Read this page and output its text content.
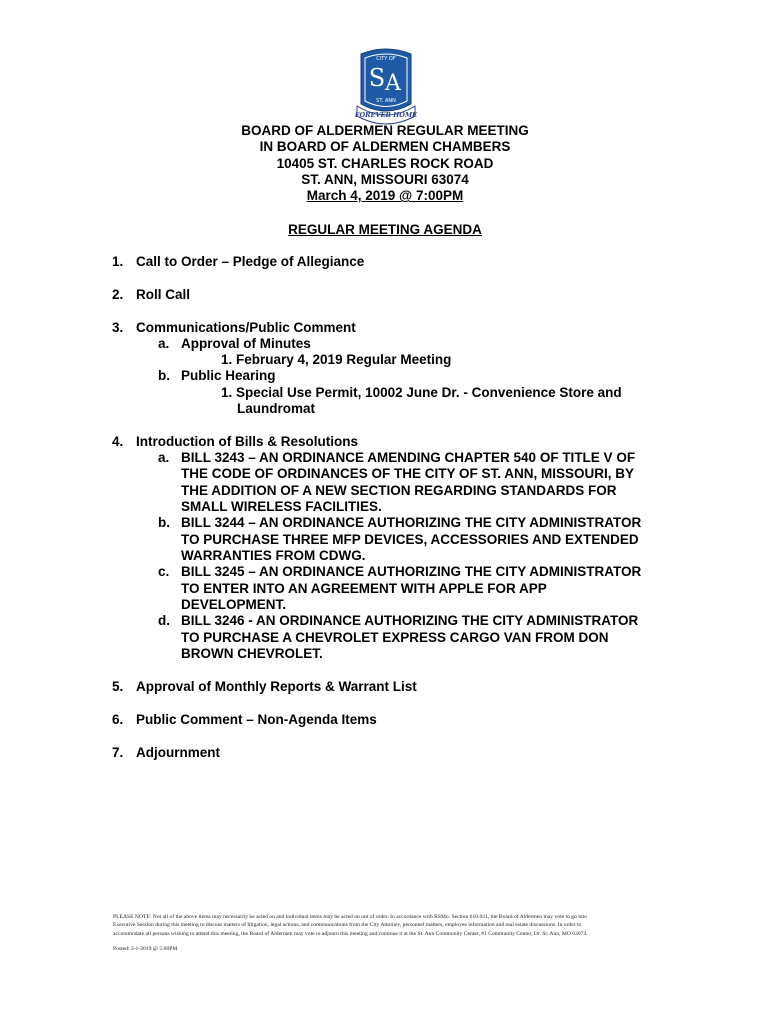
CITY OF
S A
ST. ANN
FOREVER HOME
BOARD OF ALDERMEN REGULAR MEETING
IN BOARD OF ALDERMEN CHAMBERS
10405 ST. CHARLES ROCK ROAD
ST. ANN, MISSOURI 63074
March 4, 2019 @ 7:00PM
REGULAR MEETING AGENDA
1. Call to Order – Pledge of Allegiance
2. Roll Call
3. Communications/Public Comment
a. Approval of Minutes
1. February 4, 2019 Regular Meeting
b. Public Hearing
1. Special Use Permit, 10002 June Dr. - Convenience Store and
Laundromat
4. Introduction of Bills & Resolutions
a. BILL 3243 – AN ORDINANCE AMENDING CHAPTER 540 OF TITLE V OF
THE CODE OF ORDINANCES OF THE CITY OF ST. ANN, MISSOURI, BY
THE ADDITION OF A NEW SECTION REGARDING STANDARDS FOR
SMALL WIRELESS FACILITIES.
b. BILL 3244 – AN ORDINANCE AUTHORIZING THE CITY ADMINISTRATOR
TO PURCHASE THREE MFP DEVICES, ACCESSORIES AND EXTENDED
WARRANTIES FROM CDWG.
c. BILL 3245 – AN ORDINANCE AUTHORIZING THE CITY ADMINISTRATOR
TO ENTER INTO AN AGREEMENT WITH APPLE FOR APP
DEVELOPMENT.
d. BILL 3246 - AN ORDINANCE AUTHORIZING THE CITY ADMINISTRATOR
TO PURCHASE A CHEVROLET EXPRESS CARGO VAN FROM DON
BROWN CHEVROLET.
5. Approval of Monthly Reports & Warrant List
6. Public Comment – Non-Agenda Items
7. Adjournment
PLEASE NOTE: Not all of the above items may necessarily be acted on and individual items may be acted on out of order. In accordance with RSMo. Section 610.021, the Board of Aldermen may vote to go into
Executive Session during this meeting to discuss matters of litigation, legal actions, and communications from the City Attorney, personnel matters, employee information and real estate discussions. In order to
accommodate all persons wishing to attend this meeting, the Board of Aldermen may vote to adjourn this meeting and continue it at the St. Ann Community Center, #1 Community Center, Dr. St. Ann, MO 63074.
Posted: 3-1-2019 @ 5:00PM
